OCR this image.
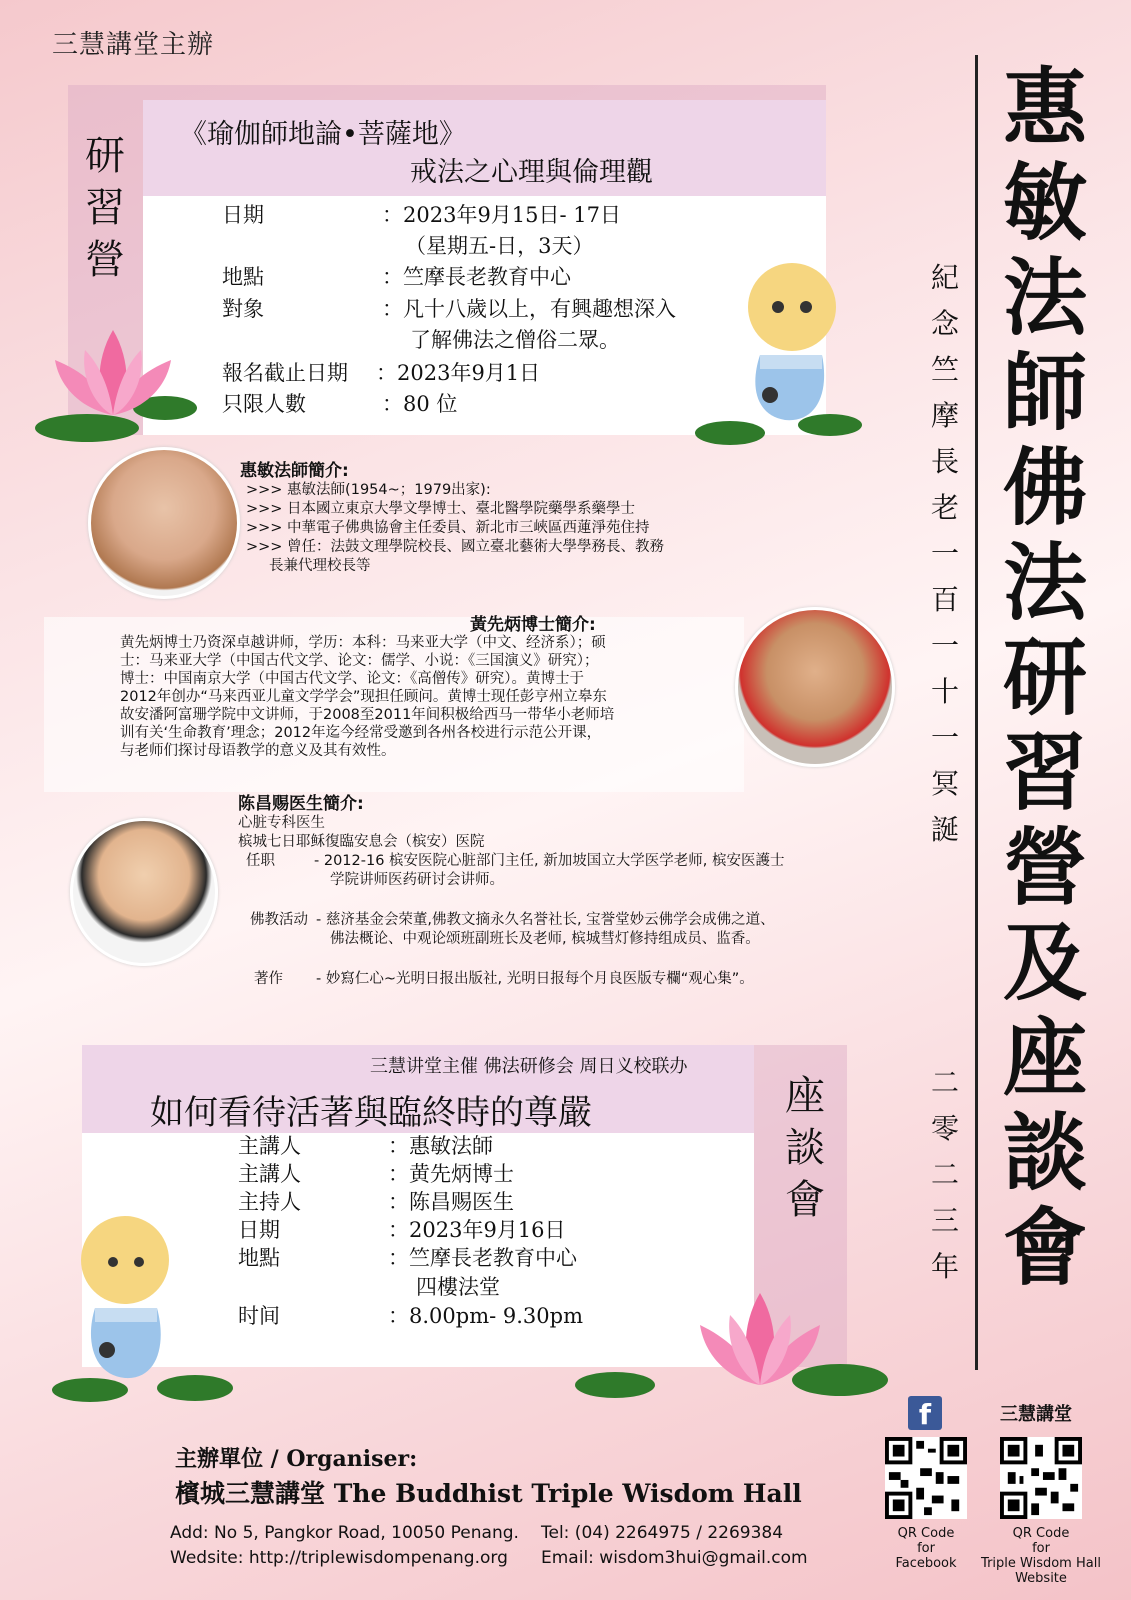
三慧講堂主辦
惠
敏
法
師
佛
法
研
習
營
及
座
談
會
紀
念
竺
摩
長
老
一
百
一
十
一
冥
誕
二
零
二
三
年
研
習
營
《瑜伽師地論•菩薩地》
戒法之心理與倫理觀
日期	：2023年9月15日- 17日
（星期五-日，3天）
地點	：竺摩長老教育中心
對象	：凡十八歲以上，有興趣想深入
了解佛法之僧俗二眾。
報名截止日期 ：2023年9月1日
只限人數	：80 位
惠敏法師簡介:
>>> 惠敏法師(1954~；1979出家):
>>> 日本國立東京大學文學博士、臺北醫學院藥學系藥學士
>>> 中華電子佛典協會主任委員、新北市三峽區西蓮淨苑住持
>>> 曾任：法鼓文理學院校長、國立臺北藝術大學學務長、教務
長兼代理校長等
黃先炳博士簡介:
黄先炳博士乃资深卓越讲师，学历：本科：马来亚大学（中文、经济系）；硕
士：马来亚大学（中国古代文学、论文：儒学、小说：《三国演义》研究）；
博士：中国南京大学（中国古代文学、论文：《高僧传》研究）。黄博士于
2012年创办“马来西亚儿童文学学会”现担任顾问。黄博士现任彭亨州立皋东
故安潘阿富珊学院中文讲师，于2008至2011年间积极给西马一带华小老师培
训有关‘生命教育’理念；2012年迄今经常受邀到各州各校进行示范公开课，
与老师们探讨母语教学的意义及其有效性。
陈昌赐医生簡介:
心脏专科医生
槟城七日耶稣復臨安息会（槟安）医院
任职	- 2012-16 槟安医院心脏部门主任, 新加坡国立大学医学老师, 槟安医護士
学院讲师医药研讨会讲师。
佛教活动 - 慈济基金会荣董,佛教文摘永久名誉社长, 宝誉堂妙云佛学会成佛之道、
佛法概论、中观论颂班副班长及老师, 槟城彗灯修持组成员、监香。
著作 - 妙寫仁心~光明日报出版社, 光明日报每个月良医版专欄“观心集”。
三慧讲堂主催 佛法研修会 周日义校联办
如何看待活著與臨終時的尊嚴	座
談
會
主講人	：惠敏法師
主講人	：黄先炳博士
主持人	：陈昌赐医生
日期	：2023年9月16日
地點	：竺摩長老教育中心
四樓法堂
时间	：8.00pm- 9.30pm
主辦單位 / Organiser:
檳城三慧講堂 The Buddhist Triple Wisdom Hall
Add: No 5, Pangkor Road, 10050 Penang.
Wedsite: http://triplewisdompenang.org
Tel: (04) 2264975 / 2269384
Email: wisdom3hui@gmail.com
f	三慧講堂
QR Code
for
Facebook
QR Code
for
Triple Wisdom Hall
Website
